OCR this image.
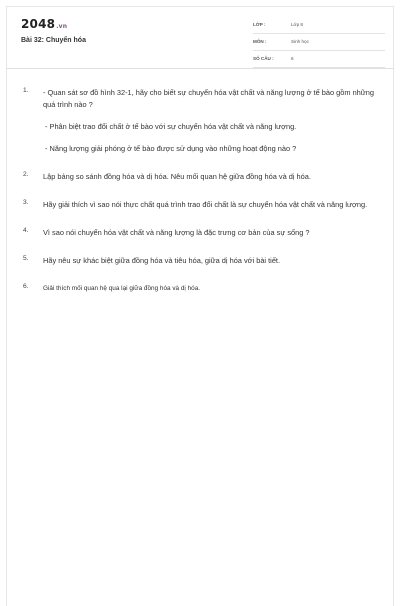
2048.vn
Bài 32: Chuyển hóa
LỚP :	Lớp 8
MÔN :	Sinh học
SỐ CÂU :	6
1. - Quan sát sơ đồ hình 32-1, hãy cho biết sự chuyển hóa vật chất và năng lượng ở tế bào gồm những quá trình nào ?
- Phân biệt trao đổi chất ở tế bào với sự chuyển hóa vật chất và năng lượng.
- Năng lượng giải phóng ở tế bào được sử dụng vào những hoạt động nào ?
2. Lập bảng so sánh đồng hóa và dị hóa. Nêu mối quan hệ giữa đồng hóa và dị hóa.
3. Hãy giải thích vì sao nói thực chất quá trình trao đổi chất là sự chuyển hóa vật chất và năng lượng.
4. Vì sao nói chuyển hóa vật chất và năng lượng là đặc trưng cơ bản của sự sống ?
5. Hãy nêu sự khác biệt giữa đồng hóa và tiêu hóa, giữa dị hóa với bài tiết.
6. Giải thích mối quan hệ qua lại giữa đồng hóa và dị hóa.
